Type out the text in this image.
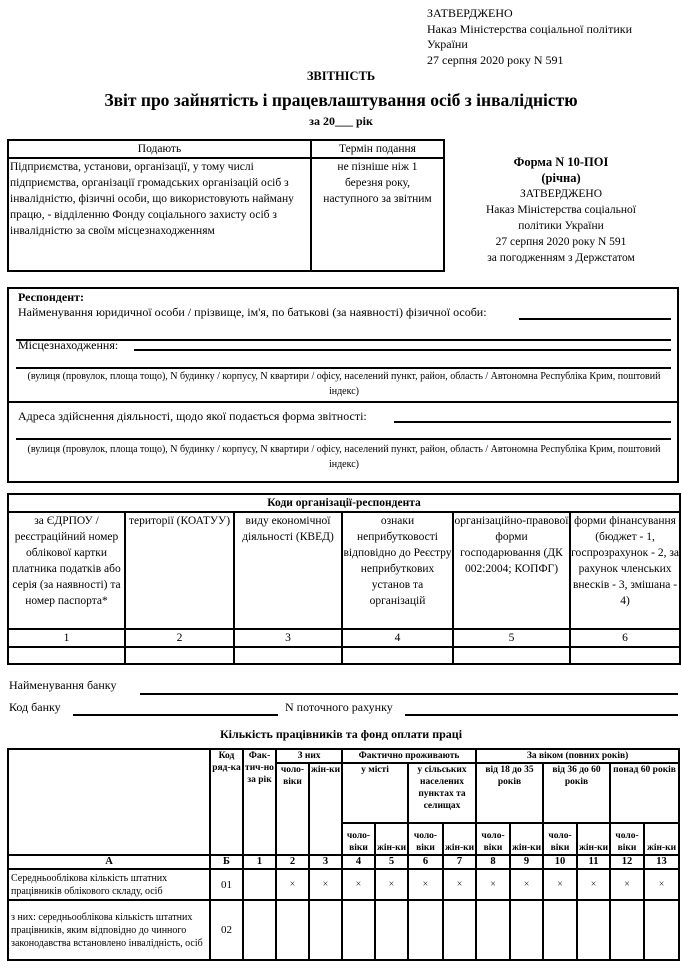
ЗАТВЕРДЖЕНО
Наказ Міністерства соціальної політики
України
27 серпня 2020 року N 591
ЗВІТНІСТЬ
Звіт про зайнятість і працевлаштування осіб з інвалідністю
за 20___ рік
Подають	Термін подання
Підприємства, установи, організації, у тому числі підприємства, організації громадських організацій осіб з інвалідністю, фізичні особи, що використовують найману працю, - відділенню Фонду соціального захисту осіб з інвалідністю за своїм місцезнаходженням	не пізніше ніж 1 березня року, наступного за звітним
Форма N 10-ПОІ
(річна)
ЗАТВЕРДЖЕНО
Наказ Міністерства соціальної
політики України
27 серпня 2020 року N 591
за погодженням з Держстатом
Респондент:
Найменування юридичної особи / прізвище, ім'я, по батькові (за наявності) фізичної особи:
Місцезнаходження:
(вулиця (провулок, площа тощо), N будинку / корпусу, N квартири / офісу, населений пункт, район, область / Автономна Республіка Крим, поштовий індекс)
Адреса здійснення діяльності, щодо якої подається форма звітності:
(вулиця (провулок, площа тощо), N будинку / корпусу, N квартири / офісу, населений пункт, район, область / Автономна Республіка Крим, поштовий індекс)
Коди організації-респондента					
за ЄДРПОУ / реєстраційний номер облікової картки платника податків або серія (за наявності) та номер паспорта*	території (КОАТУУ)	виду економічної діяльності (КВЕД)	ознаки неприбутковості відповідно до Реєстру неприбуткових установ та організацій	організаційно-правової форми господарювання (ДК 002:2004; КОПФГ)	форми фінансування (бюджет - 1, госпрозрахунок - 2, за рахунок членських внесків - 3, змішана - 4)
1	2	3	4	5	6

Найменування банку
Код банку	N поточного рахунку
Кількість працівників та фонд оплати праці
	Код ряд-ка	Фак-тич-но за рік	З них		Фактично проживають				За віком (повних років)					
			чоло-віки	жін-ки	у місті		у сільських населених пунктах та селищах		від 18 до 35 років		від 36 до 60 років		понад 60 років	
					чоло-віки	жін-ки	чоло-віки	жін-ки	чоло-віки	жін-ки	чоло-віки	жін-ки	чоло-віки	жін-ки
А	Б	1	2	3	4	5	6	7	8	9	10	11	12	13
Середньооблікова кількість штатних працівників облікового складу, осіб	01		×	×	×	×	×	×	×	×	×	×	×	×
з них: середньооблікова кількість штатних працівників, яким відповідно до чинного законодавства встановлено інвалідність, осіб	02													
